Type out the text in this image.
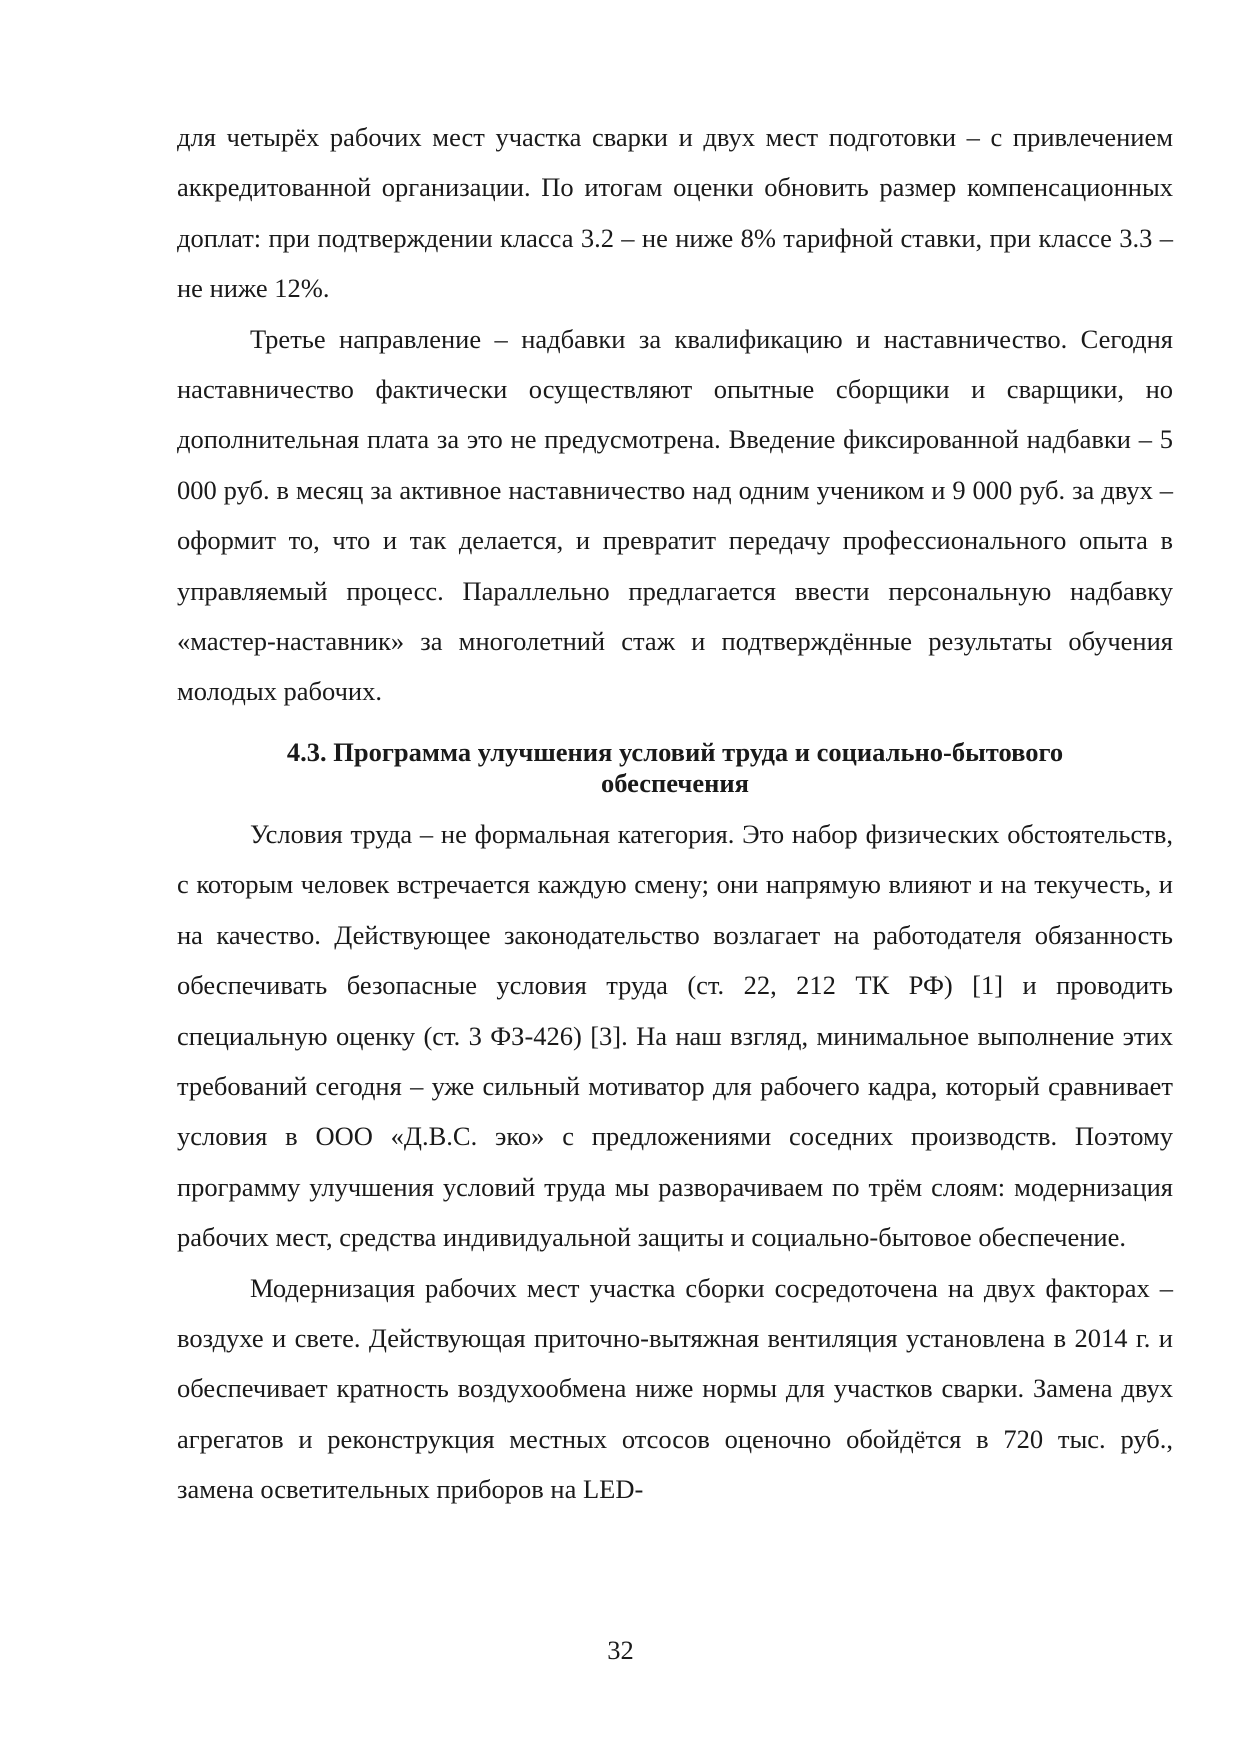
для четырёх рабочих мест участка сварки и двух мест подготовки – с привлечением аккредитованной организации. По итогам оценки обновить размер компенсационных доплат: при подтверждении класса 3.2 – не ниже 8% тарифной ставки, при классе 3.3 – не ниже 12%.

Третье направление – надбавки за квалификацию и наставничество. Сегодня наставничество фактически осуществляют опытные сборщики и сварщики, но дополнительная плата за это не предусмотрена. Введение фиксированной надбавки – 5 000 руб. в месяц за активное наставничество над одним учеником и 9 000 руб. за двух – оформит то, что и так делается, и превратит передачу профессионального опыта в управляемый процесс. Параллельно предлагается ввести персональную надбавку «мастер-наставник» за многолетний стаж и подтверждённые результаты обучения молодых рабочих.

4.3. Программа улучшения условий труда и социально-бытового
обеспечения

Условия труда – не формальная категория. Это набор физических обстоятельств, с которым человек встречается каждую смену; они напрямую влияют и на текучесть, и на качество. Действующее законодательство возлагает на работодателя обязанность обеспечивать безопасные условия труда (ст. 22, 212 ТК РФ) [1] и проводить специальную оценку (ст. 3 ФЗ-426) [3]. На наш взгляд, минимальное выполнение этих требований сегодня – уже сильный мотиватор для рабочего кадра, который сравнивает условия в ООО «Д.В.С. эко» с предложениями соседних производств. Поэтому программу улучшения условий труда мы разворачиваем по трём слоям: модернизация рабочих мест, средства индивидуальной защиты и социально-бытовое обеспечение.

Модернизация рабочих мест участка сборки сосредоточена на двух факторах – воздухе и свете. Действующая приточно-вытяжная вентиляция установлена в 2014 г. и обеспечивает кратность воздухообмена ниже нормы для участков сварки. Замена двух агрегатов и реконструкция местных отсосов оценочно обойдётся в 720 тыс. руб., замена осветительных приборов на LED-

32
